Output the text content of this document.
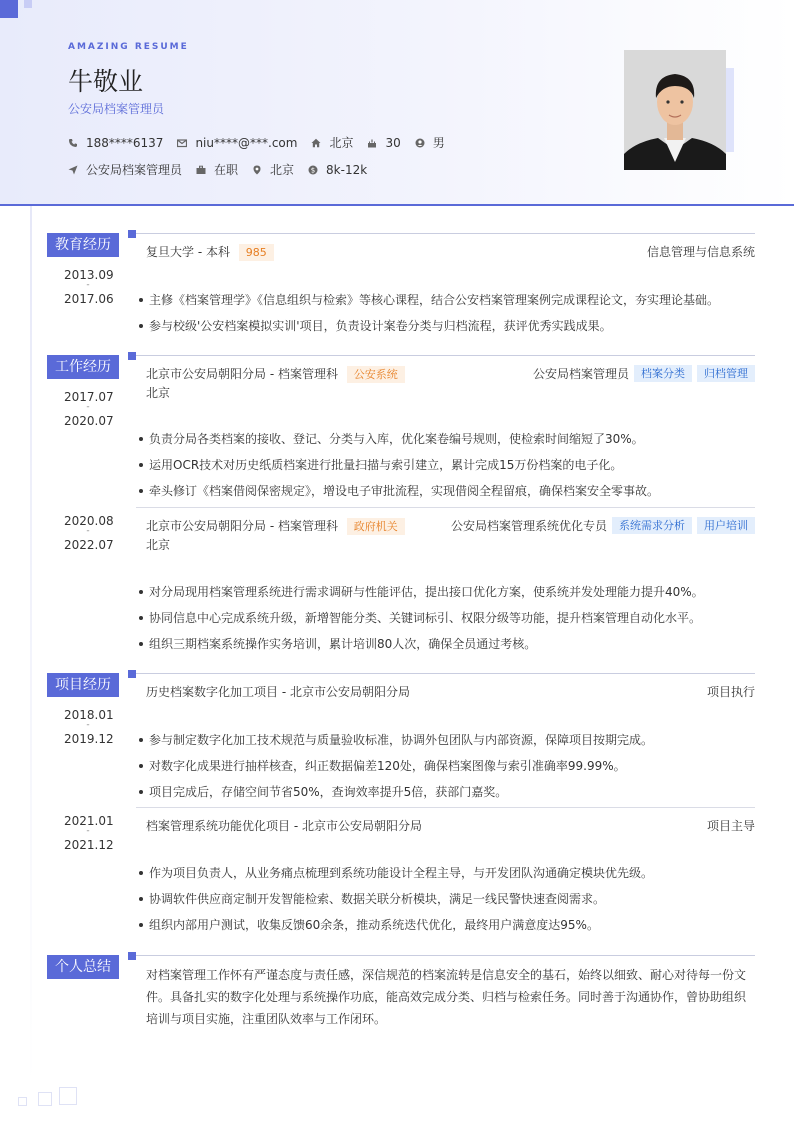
AMAZING RESUME
牛敬业
公安局档案管理员
188****6137	niu****@***.com	北京	30	男
公安局档案管理员	在职	北京 $ 8k-12k
教育经历
2013.09
-
2017.06
复旦大学 - 本科 985	信息管理与信息系统
主修《档案管理学》《信息组织与检索》等核心课程，结合公安档案管理案例完成课程论文，夯实理论基础。
参与校级'公安档案模拟实训'项目，负责设计案卷分类与归档流程，获评优秀实践成果。
工作经历
2017.07
-
2020.07
北京市公安局朝阳分局 - 档案管理科 公安系统	公安局档案管理员	档案分类	归档管理
北京
负责分局各类档案的接收、登记、分类与入库，优化案卷编号规则，使检索时间缩短了30%。
运用OCR技术对历史纸质档案进行批量扫描与索引建立，累计完成15万份档案的电子化。
牵头修订《档案借阅保密规定》，增设电子审批流程，实现借阅全程留痕，确保档案安全零事故。
2020.08
-
2022.07
北京市公安局朝阳分局 - 档案管理科 政府机关	公安局档案管理系统优化专员	系统需求分析	用户培训
北京
对分局现用档案管理系统进行需求调研与性能评估，提出接口优化方案，使系统并发处理能力提升40%。
协同信息中心完成系统升级，新增智能分类、关键词标引、权限分级等功能，提升档案管理自动化水平。
组织三期档案系统操作实务培训，累计培训80人次，确保全员通过考核。
项目经历
2018.01
-
2019.12
历史档案数字化加工项目 - 北京市公安局朝阳分局	项目执行
参与制定数字化加工技术规范与质量验收标准，协调外包团队与内部资源，保障项目按期完成。
对数字化成果进行抽样核查，纠正数据偏差120处，确保档案图像与索引准确率99.99%。
项目完成后，存储空间节省50%，查询效率提升5倍，获部门嘉奖。
2021.01
-
2021.12
档案管理系统功能优化项目 - 北京市公安局朝阳分局	项目主导
作为项目负责人，从业务痛点梳理到系统功能设计全程主导，与开发团队沟通确定模块优先级。
协调软件供应商定制开发智能检索、数据关联分析模块，满足一线民警快速查阅需求。
组织内部用户测试，收集反馈60余条，推动系统迭代优化，最终用户满意度达95%。
个人总结	对档案管理工作怀有严谨态度与责任感，深信规范的档案流转是信息安全的基石，始终以细致、耐心对待每一份文件。具备扎实的数字化处理与系统操作功底，能高效完成分类、归档与检索任务。同时善于沟通协作，曾协助组织培训与项目实施，注重团队效率与工作闭环。
